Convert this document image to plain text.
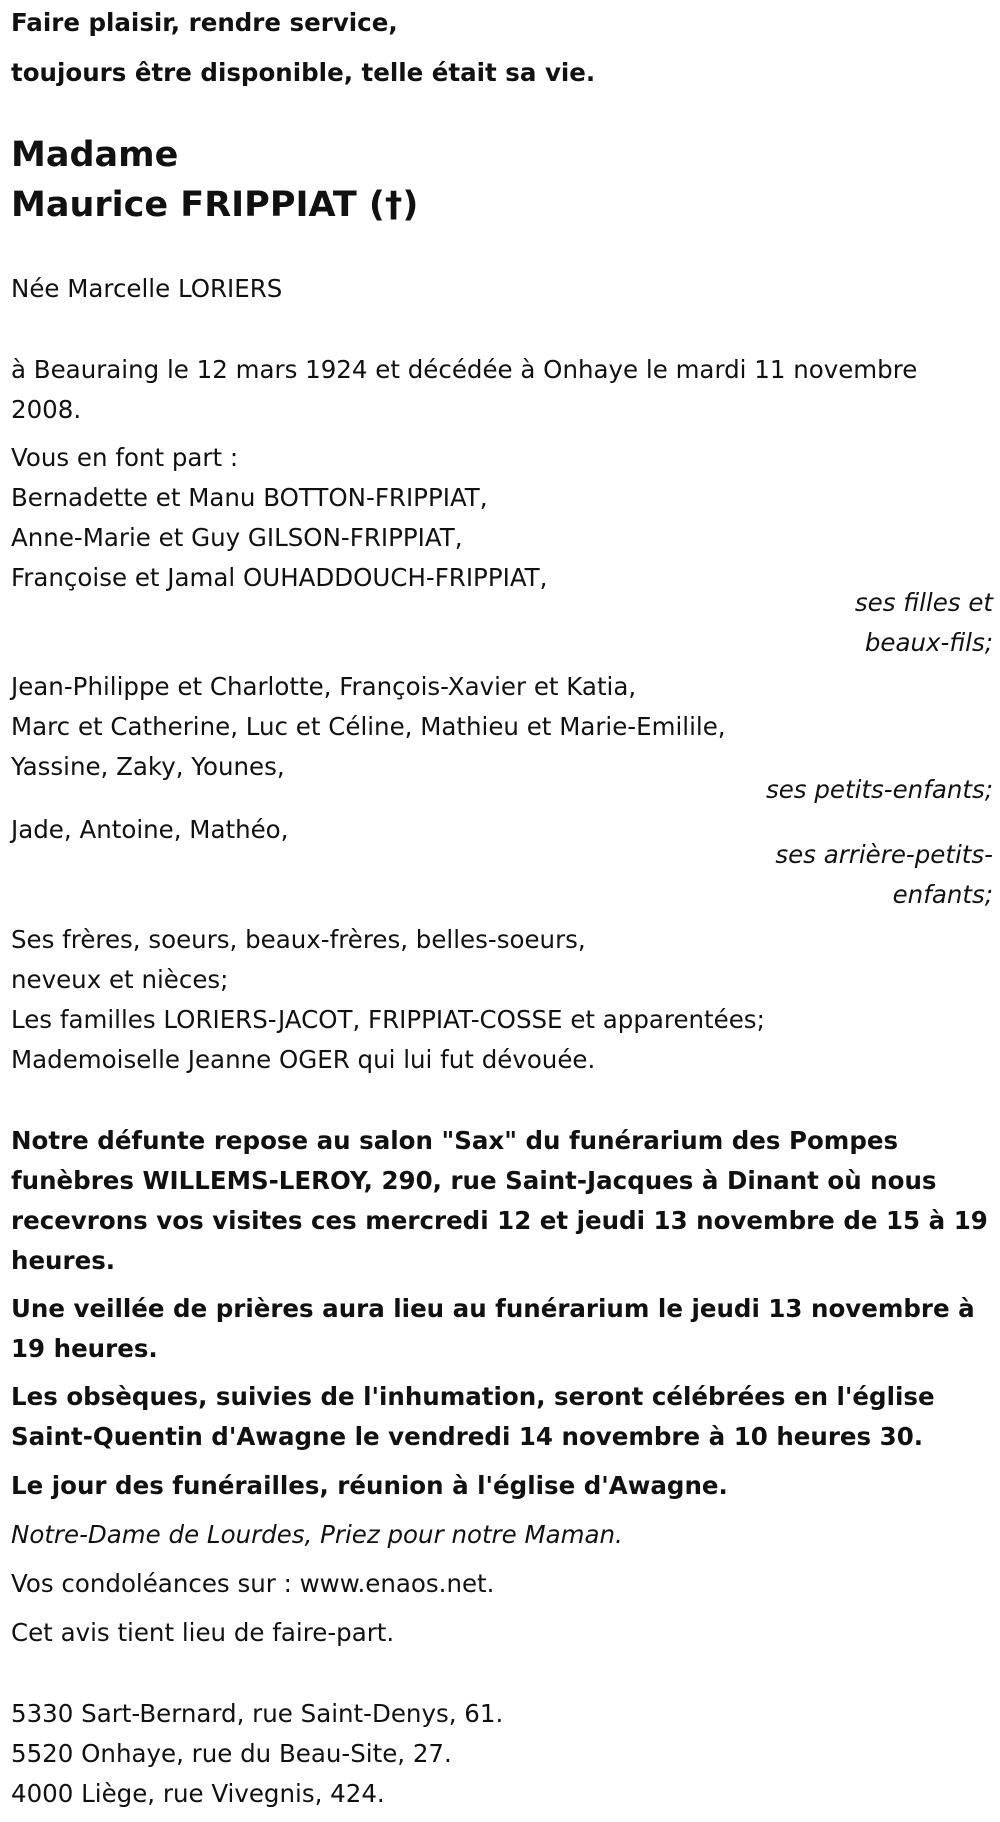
Faire plaisir, rendre service,
toujours être disponible, telle était sa vie.
Madame
Maurice FRIPPIAT (†)
Née Marcelle LORIERS
à Beauraing le 12 mars 1924 et décédée à Onhaye le mardi 11 novembre
2008.
Vous en font part :
Bernadette et Manu BOTTON-FRIPPIAT,
Anne-Marie et Guy GILSON-FRIPPIAT,
Françoise et Jamal OUHADDOUCH-FRIPPIAT,
ses filles et
beaux-fils;
Jean-Philippe et Charlotte, François-Xavier et Katia,
Marc et Catherine, Luc et Céline, Mathieu et Marie-Emilile,
Yassine, Zaky, Younes,
ses petits-enfants;
Jade, Antoine, Mathéo,
ses arrière-petits-
enfants;
Ses frères, soeurs, beaux-frères, belles-soeurs,
neveux et nièces;
Les familles LORIERS-JACOT, FRIPPIAT-COSSE et apparentées;
Mademoiselle Jeanne OGER qui lui fut dévouée.
Notre défunte repose au salon "Sax" du funérarium des Pompes
funèbres WILLEMS-LEROY, 290, rue Saint-Jacques à Dinant où nous
recevrons vos visites ces mercredi 12 et jeudi 13 novembre de 15 à 19
heures.
Une veillée de prières aura lieu au funérarium le jeudi 13 novembre à
19 heures.
Les obsèques, suivies de l'inhumation, seront célébrées en l'église
Saint-Quentin d'Awagne le vendredi 14 novembre à 10 heures 30.
Le jour des funérailles, réunion à l'église d'Awagne.
Notre-Dame de Lourdes, Priez pour notre Maman.
Vos condoléances sur : www.enaos.net.
Cet avis tient lieu de faire-part.
5330 Sart-Bernard, rue Saint-Denys, 61.
5520 Onhaye, rue du Beau-Site, 27.
4000 Liège, rue Vivegnis, 424.
